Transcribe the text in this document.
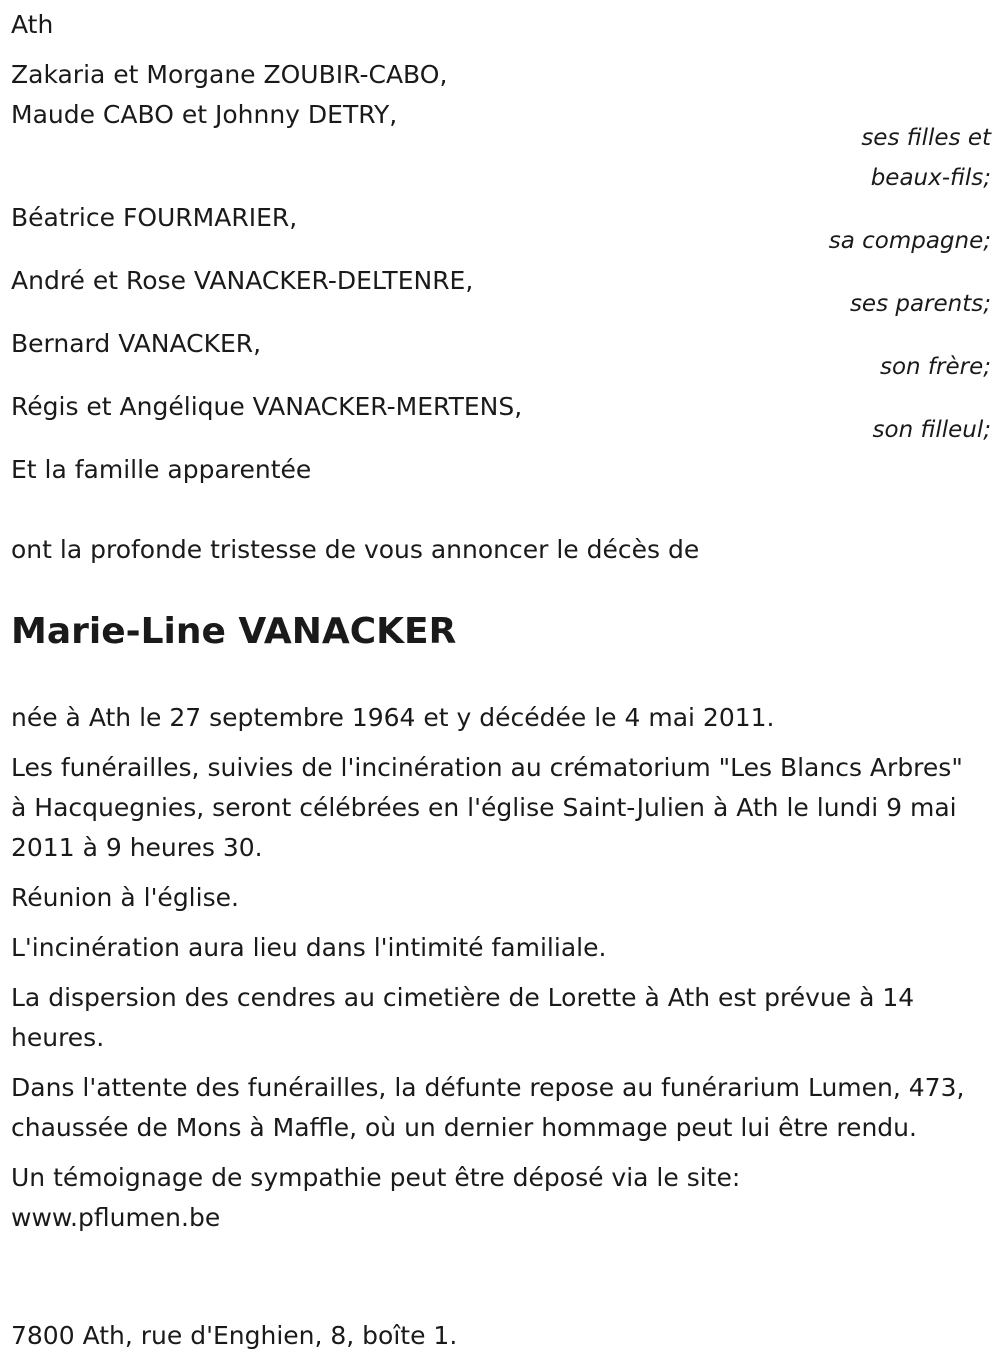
Ath
Zakaria et Morgane ZOUBIR-CABO,
Maude CABO et Johnny DETRY,
ses filles et
beaux-fils;
Béatrice FOURMARIER,
sa compagne;
André et Rose VANACKER-DELTENRE,
ses parents;
Bernard VANACKER,
son frère;
Régis et Angélique VANACKER-MERTENS,
son filleul;
Et la famille apparentée
ont la profonde tristesse de vous annoncer le décès de
Marie-Line VANACKER

née à Ath le 27 septembre 1964 et y décédée le 4 mai 2011.

Les funérailles, suivies de l'incinération au crématorium "Les Blancs Arbres" à Hacquegnies, seront célébrées en l'église Saint-Julien à Ath le lundi 9 mai 2011 à 9 heures 30.

Réunion à l'église.

L'incinération aura lieu dans l'intimité familiale.

La dispersion des cendres au cimetière de Lorette à Ath est prévue à 14 heures.

Dans l'attente des funérailles, la défunte repose au funérarium Lumen, 473, chaussée de Mons à Maffle, où un dernier hommage peut lui être rendu.

Un témoignage de sympathie peut être déposé via le site:
www.pflumen.be

7800 Ath, rue d'Enghien, 8, boîte 1.
